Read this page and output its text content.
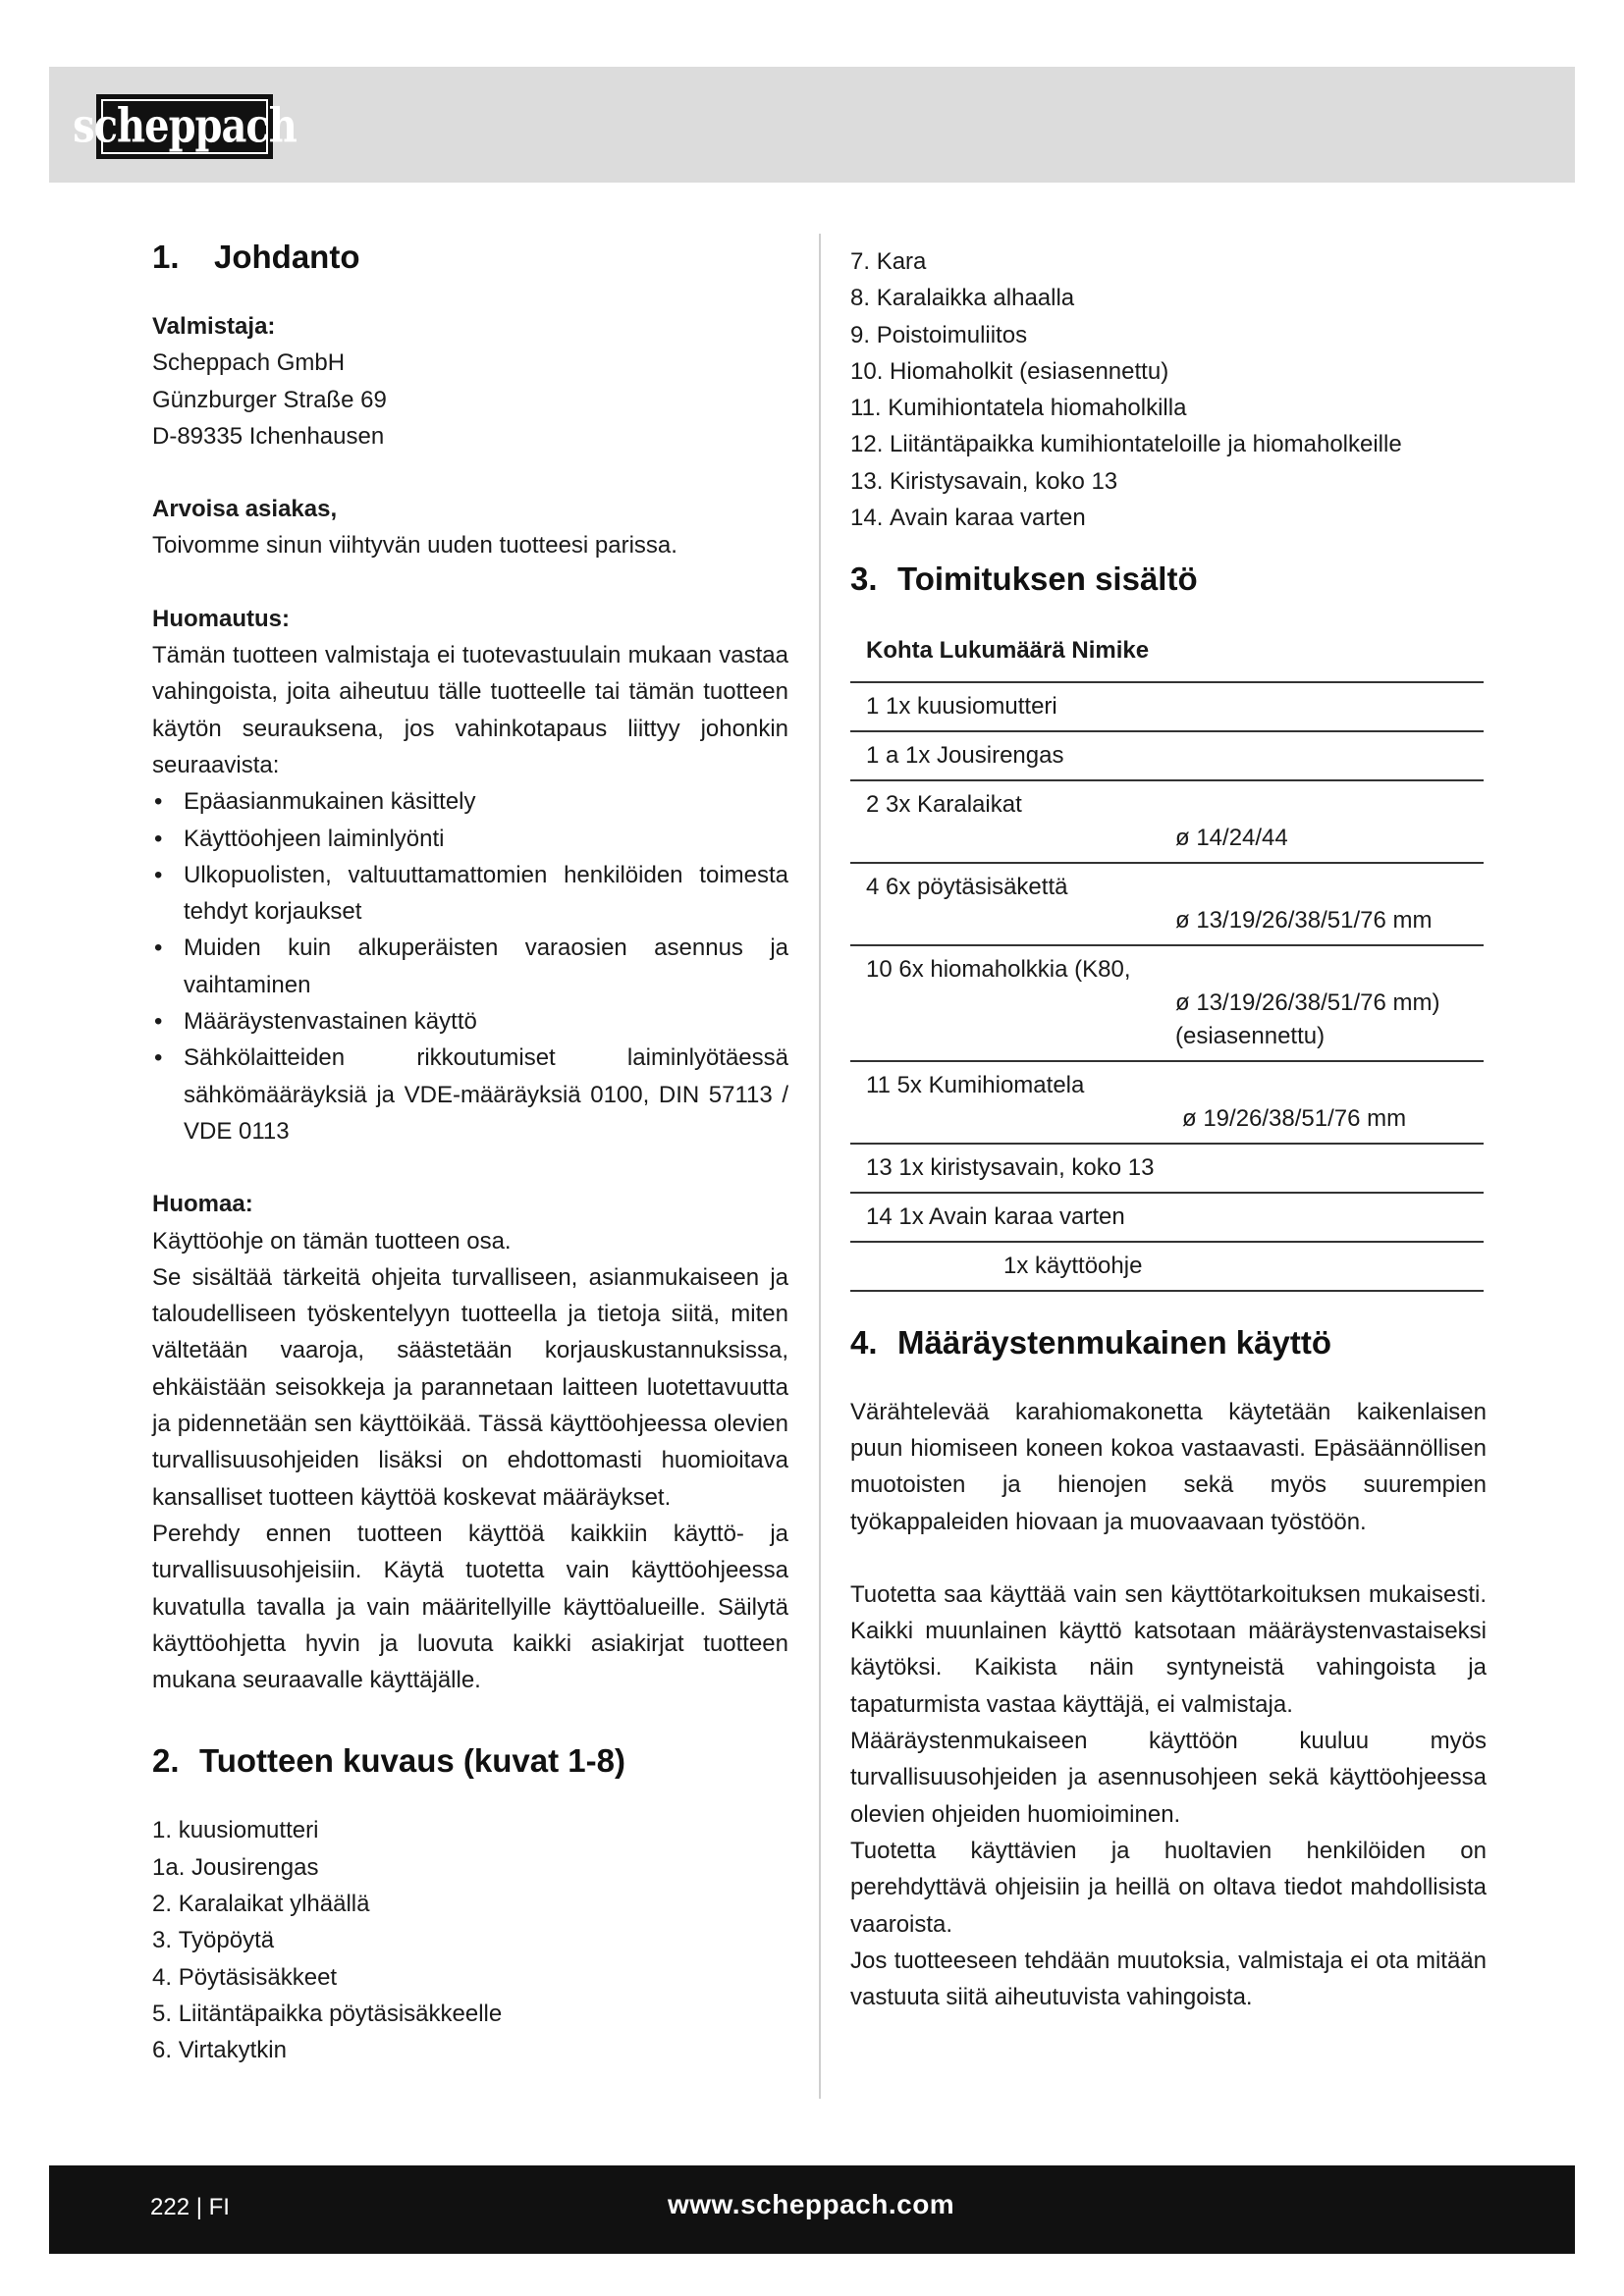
scheppach
1. Johdanto
Valmistaja:
Scheppach GmbH
Günzburger Straße 69
D-89335 Ichenhausen
Arvoisa asiakas,
Toivomme sinun viihtyvän uuden tuotteesi parissa.
Huomautus:

Tämän tuotteen valmistaja ei tuotevastuulain mukaan vastaa vahingoista, joita aiheutuu tälle tuotteelle tai tämän tuotteen käytön seurauksena, jos vahinkotapaus liittyy johonkin seuraavista:

• Epäasianmukainen käsittely
• Käyttöohjeen laiminlyönti
• Ulkopuolisten, valtuuttamattomien henkilöiden toimesta tehdyt korjaukset
• Muiden kuin alkuperäisten varaosien asennus ja vaihtaminen
• Määräystenvastainen käyttö
• Sähkölaitteiden rikkoutumiset laiminlyötäessä sähkömääräyksiä ja VDE-määräyksiä 0100, DIN 57113 / VDE 0113
Huomaa:

Käyttöohje on tämän tuotteen osa.

Se sisältää tärkeitä ohjeita turvalliseen, asianmukaiseen ja taloudelliseen työskentelyyn tuotteella ja tietoja siitä, miten vältetään vaaroja, säästetään korjauskustannuksissa, ehkäistään seisokkeja ja parannetaan laitteen luotettavuutta ja pidennetään sen käyttöikää. Tässä käyttöohjeessa olevien turvallisuusohjeiden lisäksi on ehdottomasti huomioitava kansalliset tuotteen käyttöä koskevat määräykset.

Perehdy ennen tuotteen käyttöä kaikkiin käyttö- ja turvallisuusohjeisiin. Käytä tuotetta vain käyttöohjeessa kuvatulla tavalla ja vain määritellyille käyttöalueille. Säilytä käyttöohjetta hyvin ja luovuta kaikki asiakirjat tuotteen mukana seuraavalle käyttäjälle.

2. Tuotteen kuvaus (kuvat 1-8)
1.
kuusiomutteri
1a.
Jousirengas
2.
Karalaikat ylhäällä
3.
Työpöytä
4.
Pöytäsisäkkeet
5.
Liitäntäpaikka pöytäsisäkkeelle
6.
Virtakytkin
7.
Kara
8.
Karalaikka alhaalla
9.
Poistoimuliitos
10.
Hiomaholkit (esiasennettu)
11.
Kumihiontatela hiomaholkilla
12.
Liitäntäpaikka kumihiontateloille ja hiomaholkeille
13.
Kiristysavain, koko 13
14.
Avain karaa varten
3. Toimituksen sisältö
Kohta Lukumäärä Nimike
1 1x kuusiomutteri
1 a 1x Jousirengas
2 3x Karalaikat
ø 14/24/44
4 6x pöytäsisäkettä
ø 13/19/26/38/51/76 mm
10 6x hiomaholkkia (K80,
ø 13/19/26/38/51/76 mm)
(esiasennettu)
11 5x Kumihiomatela
ø 19/26/38/51/76 mm
13 1x kiristysavain, koko 13
14 1x Avain karaa varten
1x käyttöohje
4. Määräystenmukainen käyttö

Värähtelevää karahiomakonetta käytetään kaikenlaisen puun hiomiseen koneen kokoa vastaavasti. Epäsäännöllisen muotoisten ja hienojen sekä myös suurempien työkappaleiden hiovaan ja muovaavaan työstöön.

Tuotetta saa käyttää vain sen käyttötarkoituksen mukaisesti. Kaikki muunlainen käyttö katsotaan määräystenvastaiseksi käytöksi. Kaikista näin syntyneistä vahingoista ja tapaturmista vastaa käyttäjä, ei valmistaja.

Määräystenmukaiseen käyttöön kuuluu myös turvallisuusohjeiden ja asennusohjeen sekä käyttöohjeessa olevien ohjeiden huomioiminen.

Tuotetta käyttävien ja huoltavien henkilöiden on perehdyttävä ohjeisiin ja heillä on oltava tiedot mahdollisista vaaroista.

Jos tuotteeseen tehdään muutoksia, valmistaja ei ota mitään vastuuta siitä aiheutuvista vahingoista.

222 | FI	www.scheppach.com
